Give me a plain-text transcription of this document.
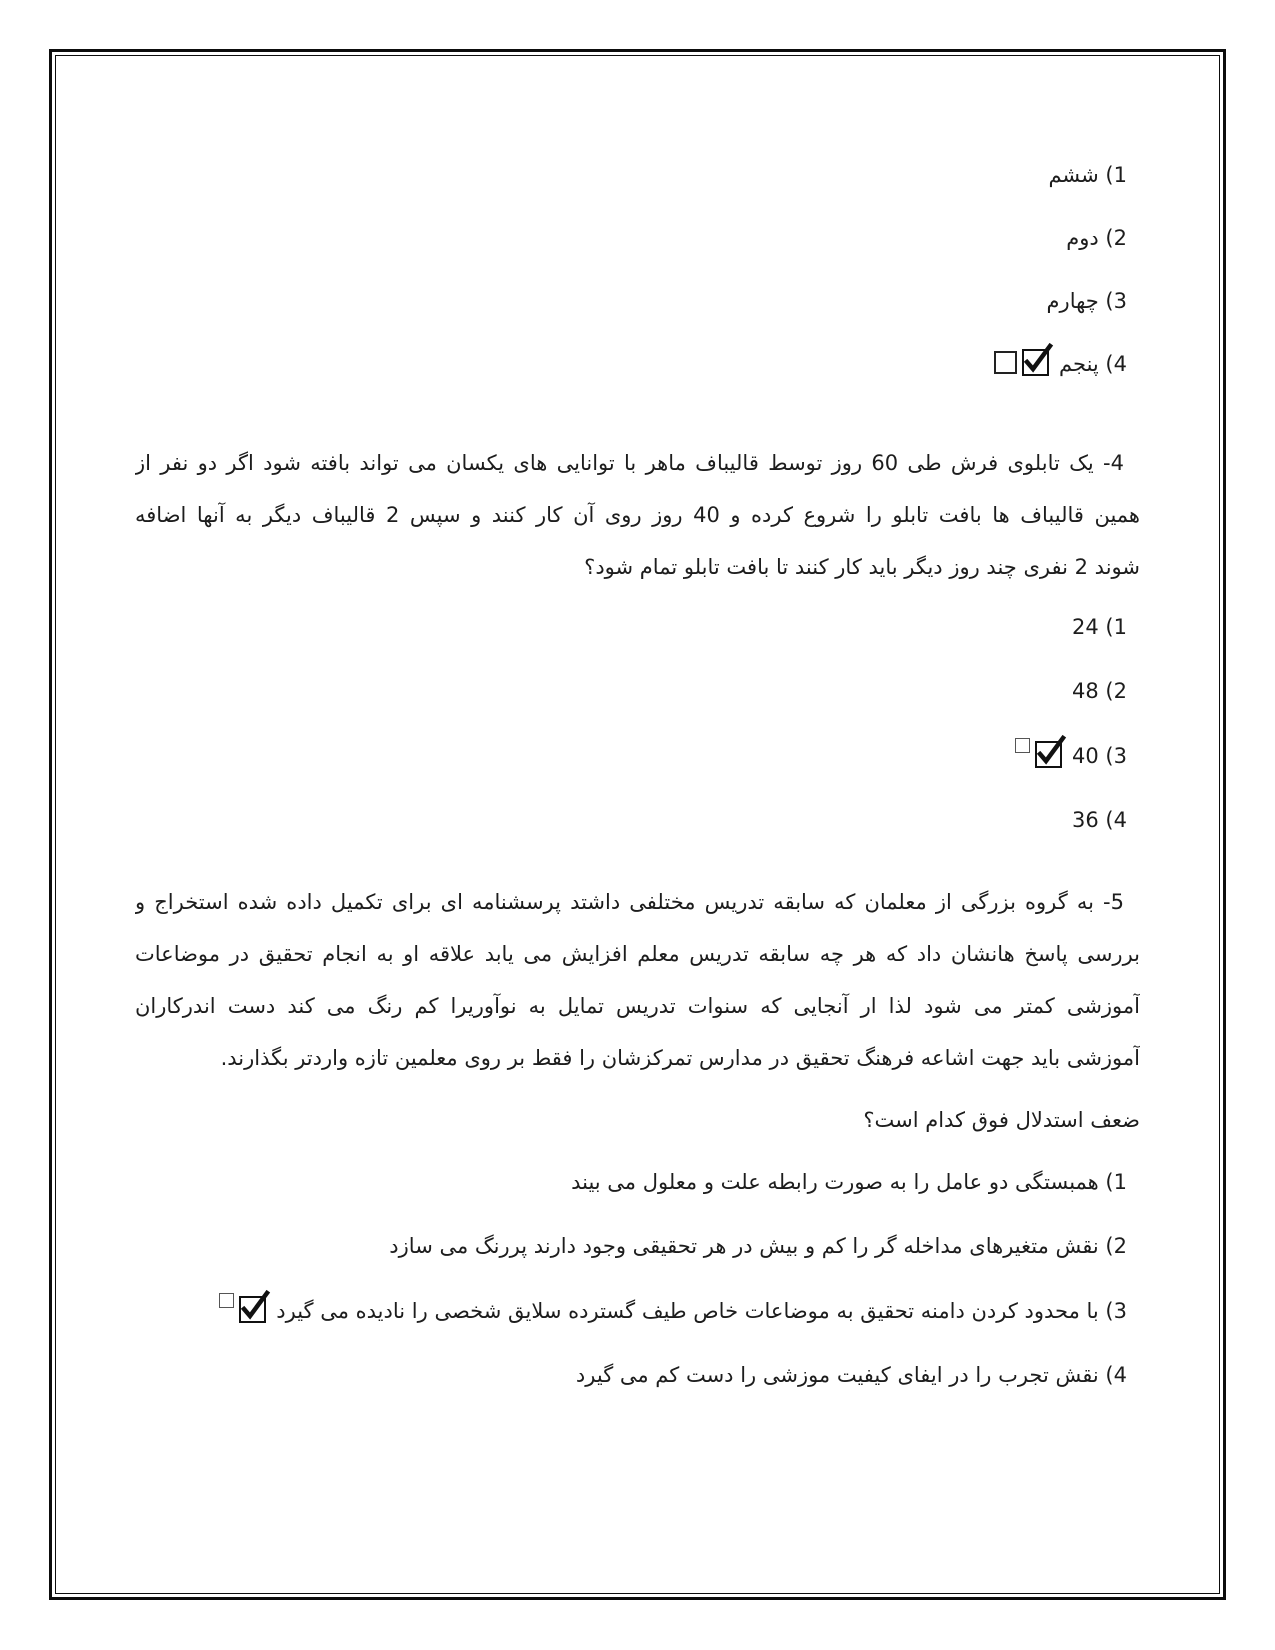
1) ششم
2) دوم
3) چهارم
4) پنجم
4- یک تابلوی فرش طی 60 روز توسط قالیباف ماهر با توانایی های یکسان می تواند بافته شود اگر دو نفر از
همین قالیباف ها بافت تابلو را شروع کرده و 40 روز روی آن کار کنند و سپس 2 قالیباف دیگر به آنها اضافه
شوند 2 نفری چند روز دیگر باید کار کنند تا بافت تابلو تمام شود؟
1) 24
2) 48
3) 40
4) 36
5- به گروه بزرگی از معلمان که سابقه تدریس مختلفی داشتد پرسشنامه ای برای تکمیل داده شده استخراج و
بررسی پاسخ هانشان داد که هر چه سابقه تدریس معلم افزایش می یابد علاقه او به انجام تحقیق در موضاعات
آموزشی کمتر می شود لذا ار آنجایی که سنوات تدریس تمایل به نوآوریرا کم رنگ می کند دست اندرکاران
آموزشی باید جهت اشاعه فرهنگ تحقیق در مدارس تمرکزشان را فقط بر روی معلمین تازه واردتر بگذارند.
ضعف استدلال فوق کدام است؟
1) همبستگی دو عامل را به صورت رابطه علت و معلول می بیند
2) نقش متغیرهای مداخله گر را کم و بیش در هر تحقیقی وجود دارند پررنگ می سازد
3) با محدود کردن دامنه تحقیق به موضاعات خاص طیف گسترده سلایق شخصی را نادیده می گیرد
4) نقش تجرب را در ایفای کیفیت موزشی را دست کم می گیرد
